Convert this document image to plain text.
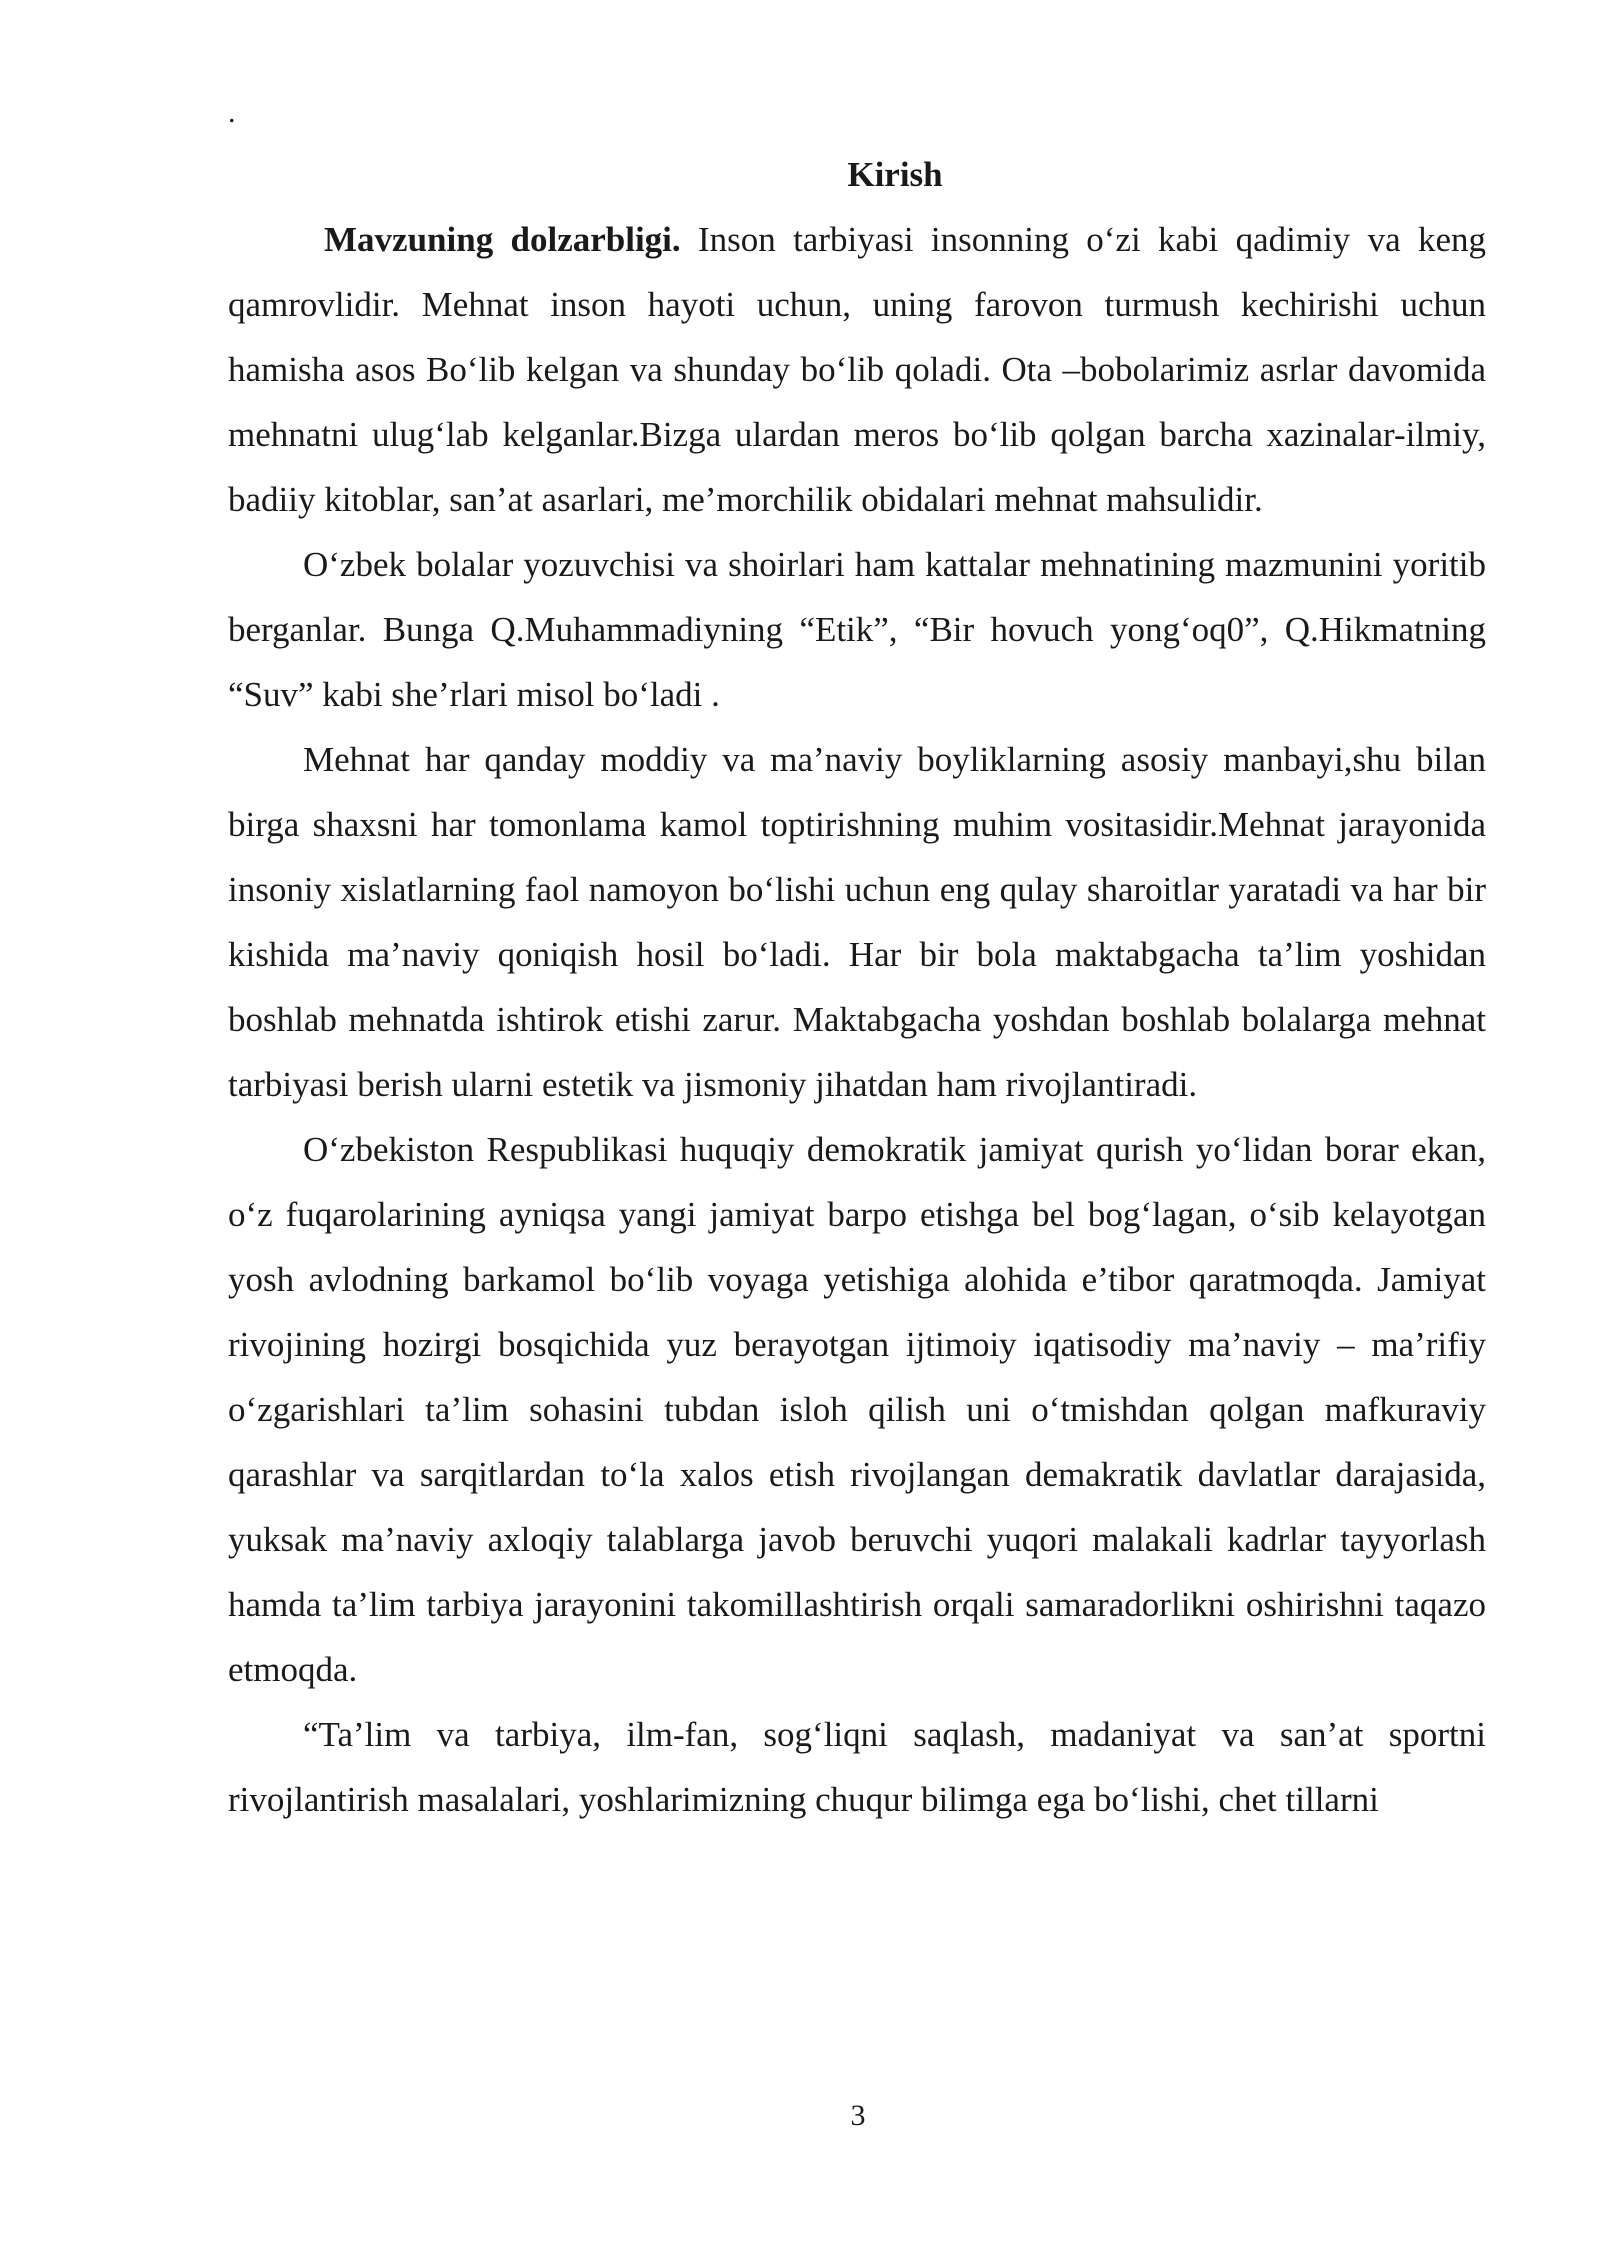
.
Kirish

Mavzuning dolzarbligi. Inson tarbiyasi insonning o‘zi kabi qadimiy va keng qamrovlidir. Mehnat inson hayoti uchun, uning farovon turmush kechirishi uchun hamisha asos Bo‘lib kelgan va shunday bo‘lib qoladi. Ota –bobolarimiz asrlar davomida mehnatni ulug‘lab kelganlar.Bizga ulardan meros bo‘lib qolgan barcha xazinalar-ilmiy, badiiy kitoblar, san’at asarlari, me’morchilik obidalari mehnat mahsulidir.

O‘zbek bolalar yozuvchisi va shoirlari ham kattalar mehnatining mazmunini yoritib berganlar. Bunga Q.Muhammadiyning “Etik”, “Bir hovuch yong‘oq0”, Q.Hikmatning “Suv” kabi she’rlari misol bo‘ladi .

Mehnat har qanday moddiy va ma’naviy boyliklarning asosiy manbayi,shu bilan birga shaxsni har tomonlama kamol toptirishning muhim vositasidir.Mehnat jarayonida insoniy xislatlarning faol namoyon bo‘lishi uchun eng qulay sharoitlar yaratadi va har bir kishida ma’naviy qoniqish hosil bo‘ladi. Har bir bola maktabgacha ta’lim yoshidan boshlab mehnatda ishtirok etishi zarur. Maktabgacha yoshdan boshlab bolalarga mehnat tarbiyasi berish ularni estetik va jismoniy jihatdan ham rivojlantiradi.

O‘zbekiston Respublikasi huquqiy demokratik jamiyat qurish yo‘lidan borar ekan, o‘z fuqarolarining ayniqsa yangi jamiyat barpo etishga bel bog‘lagan, o‘sib kelayotgan yosh avlodning barkamol bo‘lib voyaga yetishiga alohida e’tibor qaratmoqda. Jamiyat rivojining hozirgi bosqichida yuz berayotgan ijtimoiy iqatisodiy ma’naviy – ma’rifiy o‘zgarishlari ta’lim sohasini tubdan isloh qilish uni o‘tmishdan qolgan mafkuraviy qarashlar va sarqitlardan to‘la xalos etish rivojlangan demakratik davlatlar darajasida, yuksak ma’naviy axloqiy talablarga javob beruvchi yuqori malakali kadrlar tayyorlash hamda ta’lim tarbiya jarayonini takomillashtirish orqali samaradorlikni oshirishni taqazo etmoqda.

“Ta’lim va tarbiya, ilm-fan, sog‘liqni saqlash, madaniyat va san’at sportni rivojlantirish masalalari, yoshlarimizning chuqur bilimga ega bo‘lishi, chet tillarni

3
